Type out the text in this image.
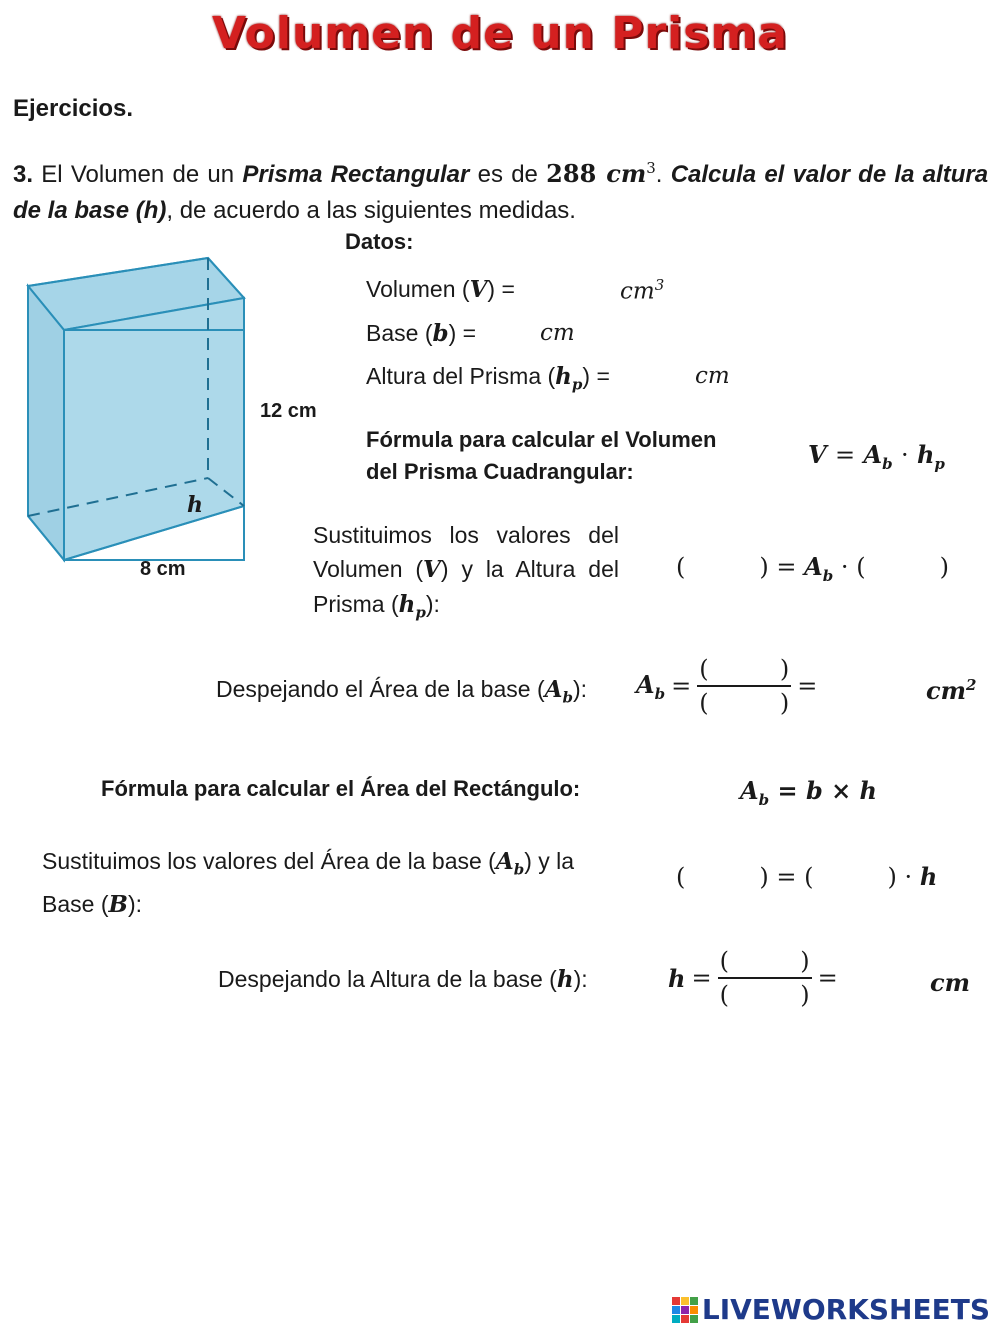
Volumen de un Prisma
Ejercicios.
3. El Volumen de un Prisma Rectangular es de 288 $cm^3$. Calcula el valor de la altura de la base (h), de acuerdo a las siguientes medidas.
12 cm
8 cm
h
Datos:
Volumen (V) =	$cm^3$
Base (b) =	cm
Altura del Prisma $(h_p)$ =	cm
Fórmula para calcular el Volumen
del Prisma Cuadrangular:
$V = A_b \cdot h_p$
Sustituimos los valores del
Volumen (V) y la Altura del
Prisma $(h_p)$:
(	) = $A_b$ · (	)
Despejando el Área de la base $(A_b)$: $A_b$ = (	)
(	) =	$cm^2$
Fórmula para calcular el Área del Rectángulo:	$A_b = b \times h$
Sustituimos los valores del Área de la base $(A_b)$ y la
Base (B):
(	) = (	) · h
Despejando la Altura de la base (h):	h = (	)
(	) =	cm
LIVEWORKSHEETS
